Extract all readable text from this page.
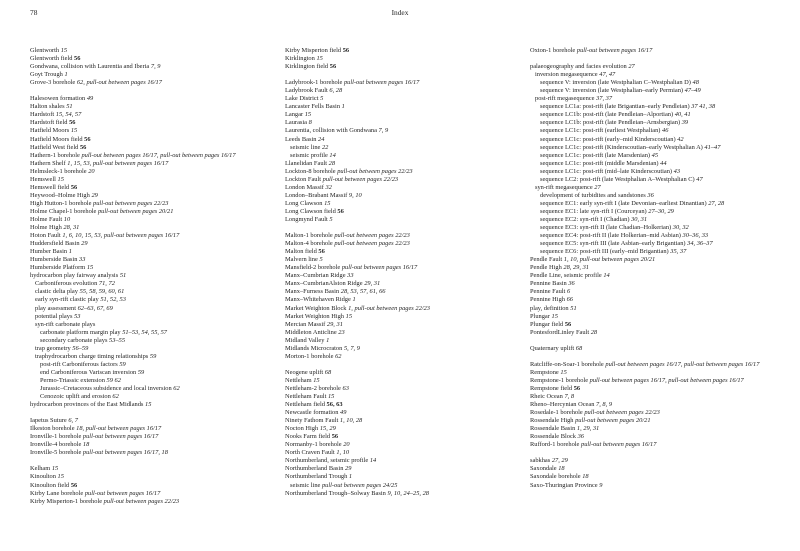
78	Index
Glentworth 15
Glentworth field 56
Gondwana, collision with Laurentia and Iberia 7, 9
Goyt Trough 1
Grove-3 borehole 62, pull-out between pages 16/17
Halesowen formation 49
Halton shales 51
Hardstoft 15, 54, 57
Hardstoft field 56
Hatfield Moors 15
Hatfield Moors field 56
Hatfield West field 56
Hathern-1 borehole pull-out between pages 16/17, pull-out between pages 16/17
Hathern Shelf 1, 15, 53, pull-out between pages 16/17
Helmsleck-1 borehole 20
Hemswell 15
Hemswell field 56
Heywood–Holme High 29
High Hutton-1 borehole pull-out between pages 22/23
Holme Chapel-1 borehole pull-out between pages 20/21
Holme Fault 10
Holme High 28, 31
Hoton Fault 1, 6, 10, 15, 53, pull-out between pages 16/17
Huddersfield Basin 29
Humber Basin 1
Humberside Basin 33
Humberside Platform 15
hydrocarbon play fairway analysis 51
Carboniferous evolution 71, 72
clastic delta play 55, 58, 59, 60, 61
early syn-rift clastic play 51, 52, 53
play assessment 62–63, 67, 69
potential plays 53
syn-rift carbonate plays
carbonate platform margin play 51–53, 54, 55, 57
secondary carbonate plays 53–55
trap geometry 56–59
traphydrocarbon charge timing relationships 59
post-rift Carboniferous factors 59
end Carboniferous Variscan inversion 59
Permo-Triassic extension 59 62
Jurassic–Cretaceous subsidence and local inversion 62
Cenozoic uplift and erosion 62
hydrocarbon provinces of the East Midlands 15
Iapetus Suture 6, 7
Ilkeston borehole 18, pull-out between pages 16/17
Ironville-1 borehole pull-out between pages 16/17
Ironville-4 borehole 18
Ironville-5 borehole pull-out between pages 16/17, 18
Kelham 15
Kinoulton 15
Kinoulton field 56
Kirby Lane borehole pull-out between pages 16/17
Kirby Misperton-1 borehole pull-out between pages 22/23
Kirby Misperton field 56
Kirklington 15
Kirklington field 56
Ladybrook-1 borehole pull-out between pages 16/17
Ladybrook Fault 6, 28
Lake District 5
Lancaster Fells Basin 1
Langar 15
Laurasia 8
Laurentia, collision with Gondwana 7, 9
Leeds Basin 24
seismic line 22
seismic profile 14
Llanelidan Fault 28
Lockton-8 borehole pull-out between pages 22/23
Lockton Fault pull-out between pages 22/23
London Massif 32
London–Brabant Massif 9, 10
Long Clawson 15
Long Clawson field 56
Longmynd Fault 5
Malton-1 borehole pull-out between pages 22/23
Malton-4 borehole pull-out between pages 22/23
Malton field 56
Malvern line 5
Mansfield-2 borehole pull-out between pages 16/17
Manx–Cumbrian Ridge 33
Manx–CumbrianAlston Ridge 29, 31
Manx–Furness Basin 28, 53, 57, 61, 66
Manx–Whitehaven Ridge 1
Market Weighton Block 1, pull-out between pages 22/23
Market Weighton High 15
Mercian Massif 29, 31
Middleton Anticline 23
Midland Valley 1
Midlands Microcraton 5, 7, 9
Morton-1 borehole 62
Neogene uplift 68
Nettleham 15
Nettleham-2 borehole 63
Nettleham Fault 15
Nettleham field 56, 63
Newcastle formation 49
Ninety Fathom Fault 1, 10, 28
Nocton High 15, 29
Nooks Farm field 56
Normanby-1 borehole 20
North Craven Fault 1, 10
Northumberland, seismic profile 14
Northumberland Basin 29
Northumberland Trough 1
seismic line pull-out between pages 24/25
Northumberland Trough–Solway Basin 9, 10, 24–25, 28
Oxton-1 borehole pull-out between pages 16/17
palaeogeography and facies evolution 27
inversion megasequence 47, 47
sequence V: inversion (late Westphalian C–Westphalian D) 48
sequence V: inversion (late Westphalian–early Permian) 47–49
post-rift megasequence 37, 37
sequence LC1a: post-rift (late Brigantian–early Pendleian) 37 41, 38
sequence LC1b: post-rift (late Pendleian–Alportian) 40, 41
sequence LC1b: post-rift (late Pendleian–Arnsbergian) 39
sequence LC1c: post-rift (earliest Westphalian) 46
sequence LC1c: post-rift (early–mid Kinderscoutian) 42
sequence LC1c: post-rift (Kinderscoutian–early Westphalian A) 41–47
sequence LC1c: post-rift (late Marsdenian) 45
sequence LC1c: post-rift (middle Marsdenian) 44
sequence LC1c: post-rift (mid–late Kinderscoutian) 43
sequence LC2: post-rift (late Westphalian A–Westphalian C) 47
syn-rift megasequence 27
development of turbidites and sandstones 36
sequence EC1: early syn-rift I (late Devonian–earliest Dinantian) 27, 28
sequence EC1: late syn-rift I (Courceyan) 27–30, 29
sequence EC2: syn-rift I (Chadian) 30, 31
sequence EC3: syn-rift II (late Chadian–Holkerian) 30, 32
sequence EC4: post-rift II (late Holkerian–mid Asbian) 30–36, 33
sequence EC5: syn-rift III (late Asbian–early Brigantian) 34, 36–37
sequence EC6: post-rift III (early–mid Brigantian) 35, 37
Pendle Fault 1, 10, pull-out between pages 20/21
Pendle High 28, 29, 31
Pendle Line, seismic profile 14
Pennine Basin 36
Pennine Fault 6
Pennine High 66
play, definition 51
Plungar 15
Plungar field 56
PontesfordLinley Fault 28
Quaternary uplift 68
Ratcliffe-on-Soar-1 borehole pull-out between pages 16/17, pull-out between pages 16/17
Rempstone 15
Rempstone-1 borehole pull-out between pages 16/17, pull-out between pages 16/17
Rempstone field 56
Rheic Ocean 7, 8
Rheno–Hercynian Ocean 7, 8, 9
Rosedale-1 borehole pull-out between pages 22/23
Rossendale High pull-out between pages 20/21
Rossendale Basin 1, 29, 31
Rossendale Block 36
Rufford-1 borehole pull-out between pages 16/17
sabkhas 27, 29
Saxondale 18
Saxondale borehole 18
Saxo-Thuringian Province 9
